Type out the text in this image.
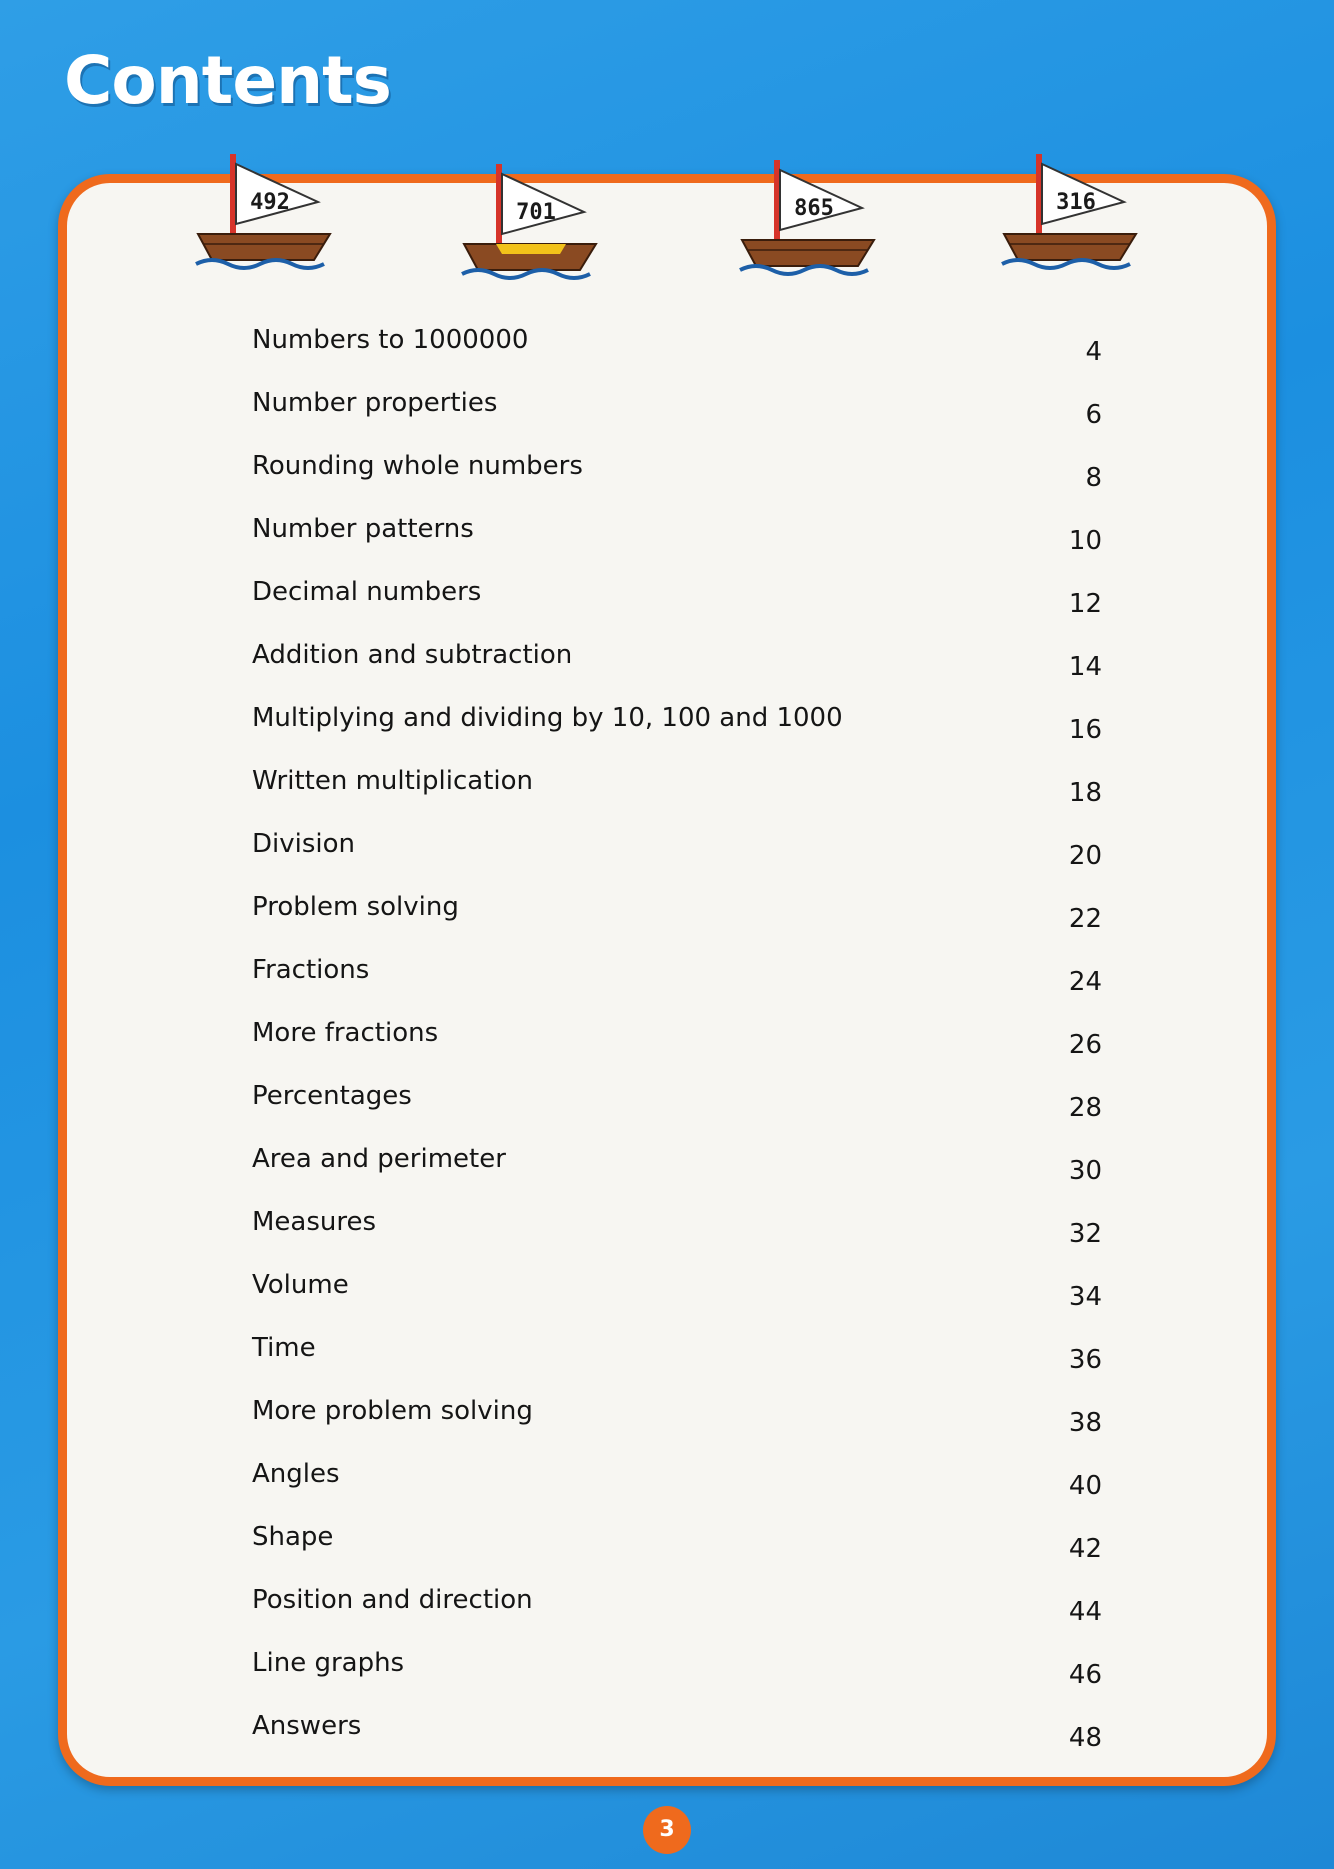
Contents
492	701	865	316
Numbers to 1000000	4
Number properties	6
Rounding whole numbers	8
Number patterns	10
Decimal numbers	12
Addition and subtraction	14
Multiplying and dividing by 10, 100 and 1000	16
Written multiplication	18
Division	20
Problem solving	22
Fractions	24
More fractions	26
Percentages	28
Area and perimeter	30
Measures	32
Volume	34
Time	36
More problem solving	38
Angles	40
Shape	42
Position and direction	44
Line graphs	46
Answers	48
3
